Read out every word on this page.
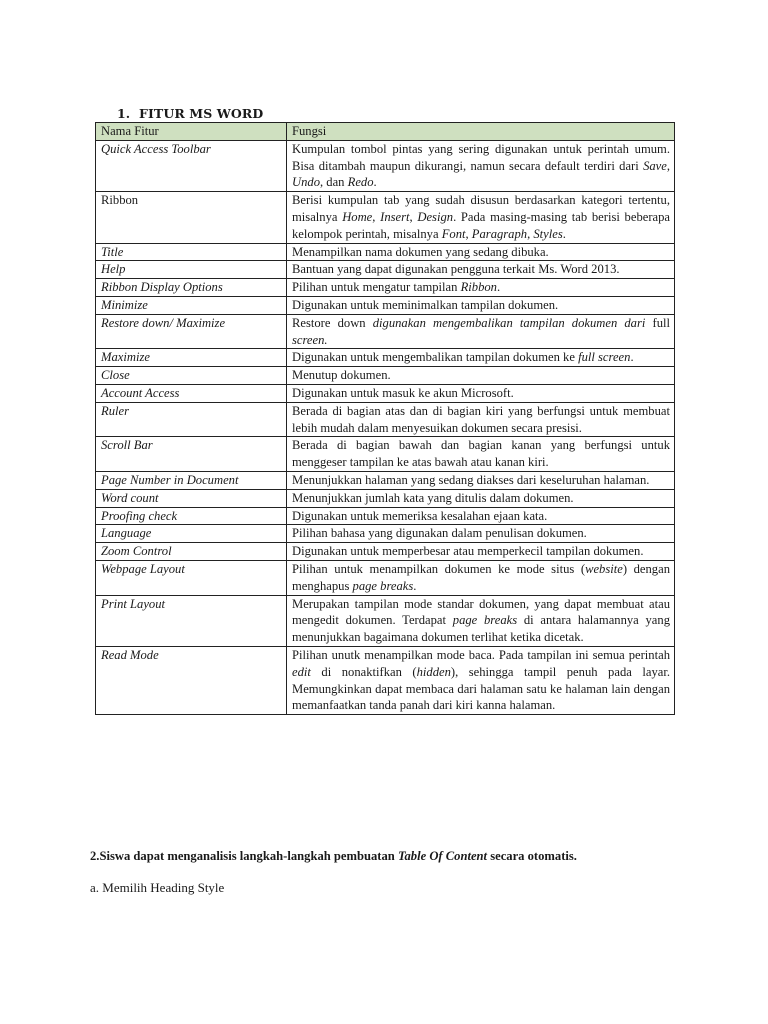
1. FITUR MS WORD
Nama Fitur	Fungsi
Quick Access Toolbar	Kumpulan tombol pintas yang sering digunakan untuk perintah umum. Bisa ditambah maupun dikurangi, namun secara default terdiri dari Save, Undo, dan Redo.
Ribbon	Berisi kumpulan tab yang sudah disusun berdasarkan kategori tertentu, misalnya Home, Insert, Design. Pada masing-masing tab berisi beberapa kelompok perintah, misalnya Font, Paragraph, Styles.
Title	Menampilkan nama dokumen yang sedang dibuka.
Help	Bantuan yang dapat digunakan pengguna terkait Ms. Word 2013.
Ribbon Display Options	Pilihan untuk mengatur tampilan Ribbon.
Minimize	Digunakan untuk meminimalkan tampilan dokumen.
Restore down/ Maximize	Restore down digunakan mengembalikan tampilan dokumen dari full screen.
Maximize	Digunakan untuk mengembalikan tampilan dokumen ke full screen.
Close	Menutup dokumen.
Account Access	Digunakan untuk masuk ke akun Microsoft.
Ruler	Berada di bagian atas dan di bagian kiri yang berfungsi untuk membuat lebih mudah dalam menyesuikan dokumen secara presisi.
Scroll Bar	Berada di bagian bawah dan bagian kanan yang berfungsi untuk menggeser tampilan ke atas bawah atau kanan kiri.
Page Number in Document	Menunjukkan halaman yang sedang diakses dari keseluruhan halaman.
Word count	Menunjukkan jumlah kata yang ditulis dalam dokumen.
Proofing check	Digunakan untuk memeriksa kesalahan ejaan kata.
Language	Pilihan bahasa yang digunakan dalam penulisan dokumen.
Zoom Control	Digunakan untuk memperbesar atau memperkecil tampilan dokumen.
Webpage Layout	Pilihan untuk menampilkan dokumen ke mode situs (website) dengan menghapus page breaks.
Print Layout	Merupakan tampilan mode standar dokumen, yang dapat membuat atau mengedit dokumen. Terdapat page breaks di antara halamannya yang menunjukkan bagaimana dokumen terlihat ketika dicetak.
Read Mode	Pilihan unutk menampilkan mode baca. Pada tampilan ini semua perintah edit di nonaktifkan (hidden), sehingga tampil penuh pada layar. Memungkinkan dapat membaca dari halaman satu ke halaman lain dengan memanfaatkan tanda panah dari kiri kanna halaman.
2.Siswa dapat menganalisis langkah-langkah pembuatan Table Of Content secara otomatis.
a. Memilih Heading Style
